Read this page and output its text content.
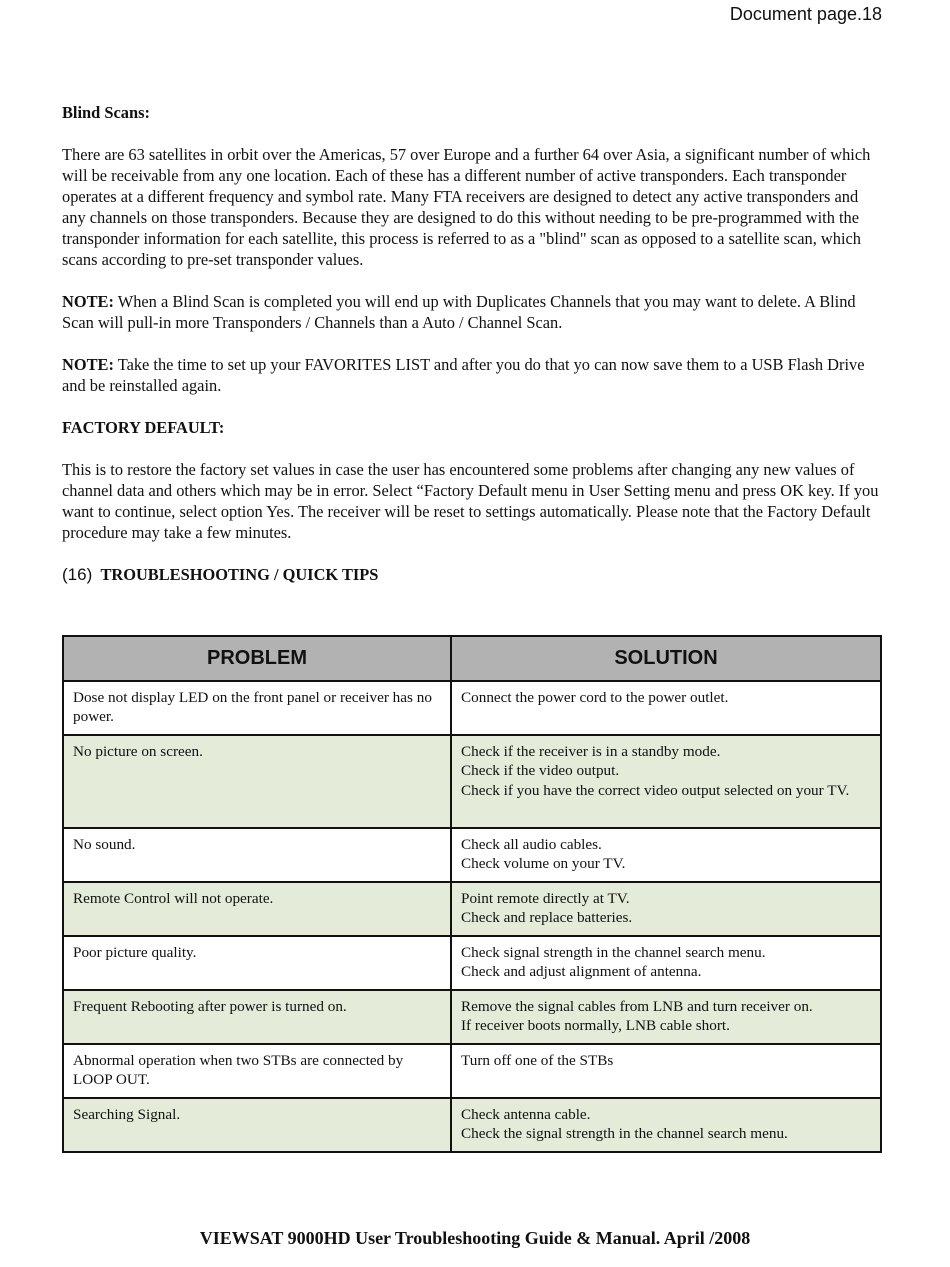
Document page.18

Blind Scans:

There are 63 satellites in orbit over the Americas, 57 over Europe and a further 64 over Asia, a significant number of which will be receivable from any one location. Each of these has a different number of active transponders. Each transponder operates at a different frequency and symbol rate. Many FTA receivers are designed to detect any active transponders and any channels on those transponders. Because they are designed to do this without needing to be pre-programmed with the transponder information for each satellite, this process is referred to as a "blind" scan as opposed to a satellite scan, which scans according to pre-set transponder values.

NOTE: When a Blind Scan is completed you will end up with Duplicates Channels that you may want to delete. A Blind Scan will pull-in more Transponders / Channels than a Auto / Channel Scan.

NOTE: Take the time to set up your FAVORITES LIST and after you do that yo can now save them to a USB Flash Drive and be reinstalled again.

FACTORY DEFAULT:

This is to restore the factory set values in case the user has encountered some problems after changing any new values of channel data and others which may be in error. Select “Factory Default menu in User Setting menu and press OK key. If you want to continue, select option Yes. The receiver will be reset to settings automatically. Please note that the Factory Default procedure may take a few minutes.

(16) TROUBLESHOOTING / QUICK TIPS

PROBLEM	SOLUTION
Dose not display LED on the front panel or receiver has no power.	Connect the power cord to the power outlet.

No picture on screen.	Check if the receiver is in a standby mode.
Check if the video output.
Check if you have the correct video output selected on your TV.

No sound.	Check all audio cables.
Check volume on your TV.

Remote Control will not operate.	Point remote directly at TV.
Check and replace batteries.

Poor picture quality.	Check signal strength in the channel search menu.
Check and adjust alignment of antenna.

Frequent Rebooting after power is turned on.	Remove the signal cables from LNB and turn receiver on.
If receiver boots normally, LNB cable short.

Abnormal operation when two STBs are connected by LOOP OUT.	Turn off one of the STBs

Searching Signal.	Check antenna cable.
Check the signal strength in the channel search menu.
VIEWSAT 9000HD User Troubleshooting Guide & Manual. April /2008
